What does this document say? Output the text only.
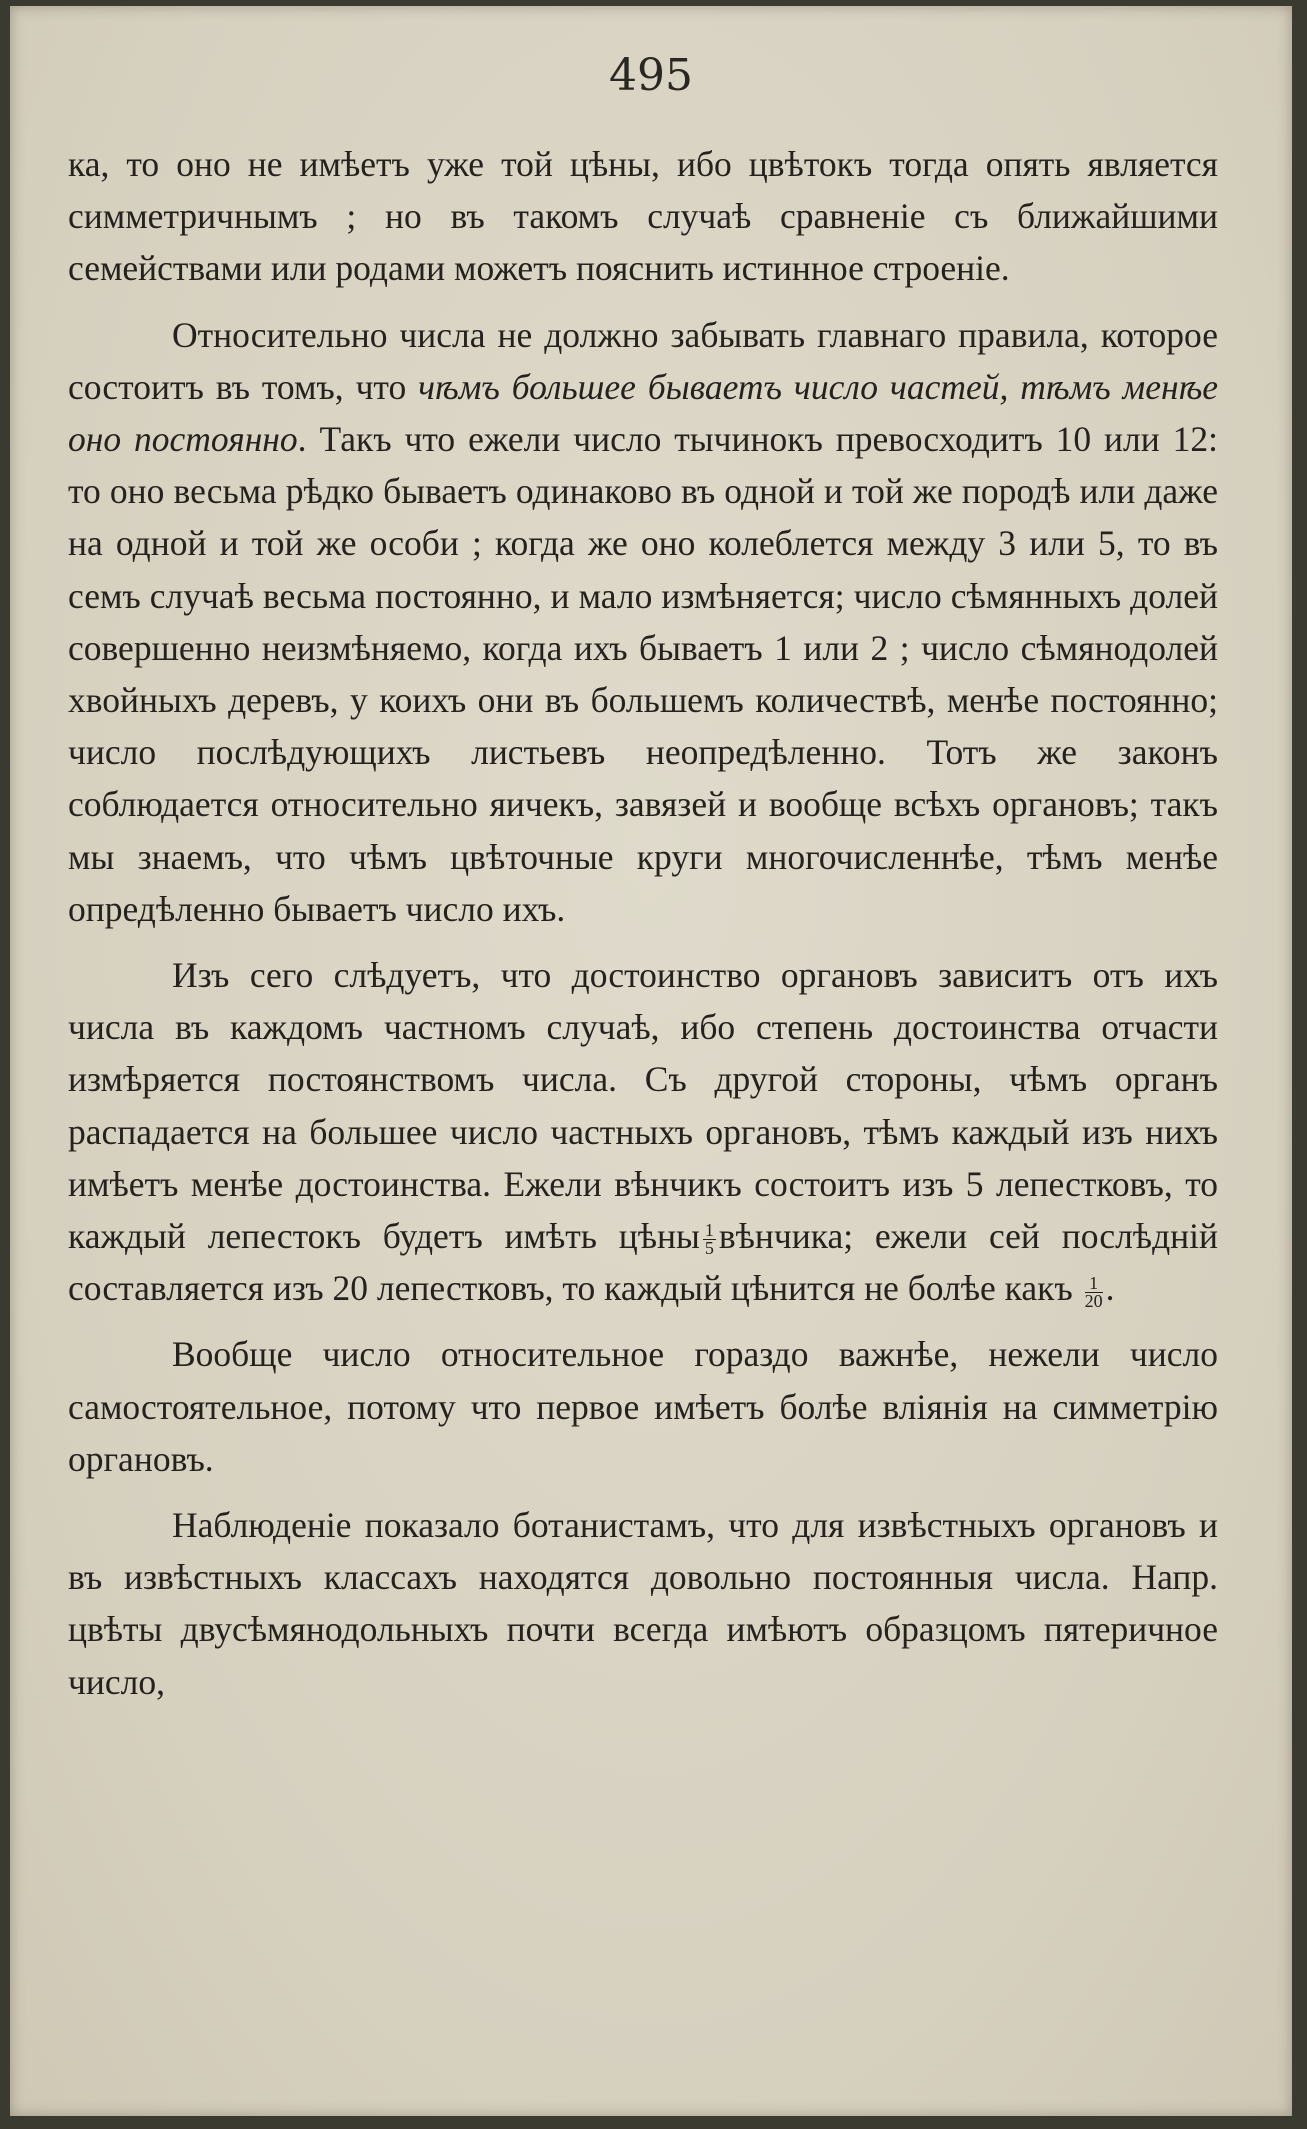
495

ка, то оно не имѣетъ уже той цѣны, ибо цвѣтокъ тогда опять является симметричнымъ ; но въ такомъ случаѣ сравненіе съ ближайшими семействами или родами можетъ пояснить истинное строеніе.

Относительно числа не должно забывать главнаго правила, которое состоитъ въ томъ, что чѣмъ большее бываетъ число частей, тѣмъ менѣе оно постоянно. Такъ что ежели число тычинокъ превосходитъ 10 или 12: то оно весьма рѣдко бываетъ одинаково въ одной и той же породѣ или даже на одной и той же особи ; когда же оно колеблется между 3 или 5, то въ семъ случаѣ весьма постоянно, и мало измѣняется; число сѣмянныхъ долей совершенно неизмѣняемо, когда ихъ бываетъ 1 или 2 ; число сѣмянодолей хвойныхъ деревъ, у коихъ они въ большемъ количествѣ, менѣе постоянно; число послѣдующихъ листьевъ неопредѣленно. Тотъ же законъ соблюдается относительно яичекъ, завязей и вообще всѣхъ органовъ; такъ мы знаемъ, что чѣмъ цвѣточные круги многочисленнѣе, тѣмъ менѣе опредѣленно бываетъ число ихъ.

Изъ сего слѣдуетъ, что достоинство органовъ зависитъ отъ ихъ числа въ каждомъ частномъ случаѣ, ибо степень достоинства отчасти измѣряется постоянствомъ числа. Съ другой стороны, чѣмъ органъ распадается на большее число частныхъ органовъ, тѣмъ каждый изъ нихъ имѣетъ менѣе достоинства. Ежели вѣнчикъ состоитъ изъ 5 лепестковъ, то каждый лепестокъ будетъ имѣть цѣны $\frac{1}{5}$ вѣнчика; ежели сей послѣдній составляется изъ 20 лепестковъ, то каждый цѣнится не болѣе какъ $\frac{1}{20}$ .

Вообще число относительное гораздо важнѣе, нежели число самостоятельное, потому что первое имѣетъ болѣе вліянія на симметрію органовъ.

Наблюденіе показало ботанистамъ, что для извѣстныхъ органовъ и въ извѣстныхъ классахъ находятся довольно постоянныя числа. Напр. цвѣты двусѣмянодольныхъ почти всегда имѣютъ образцомъ пятеричное число,
